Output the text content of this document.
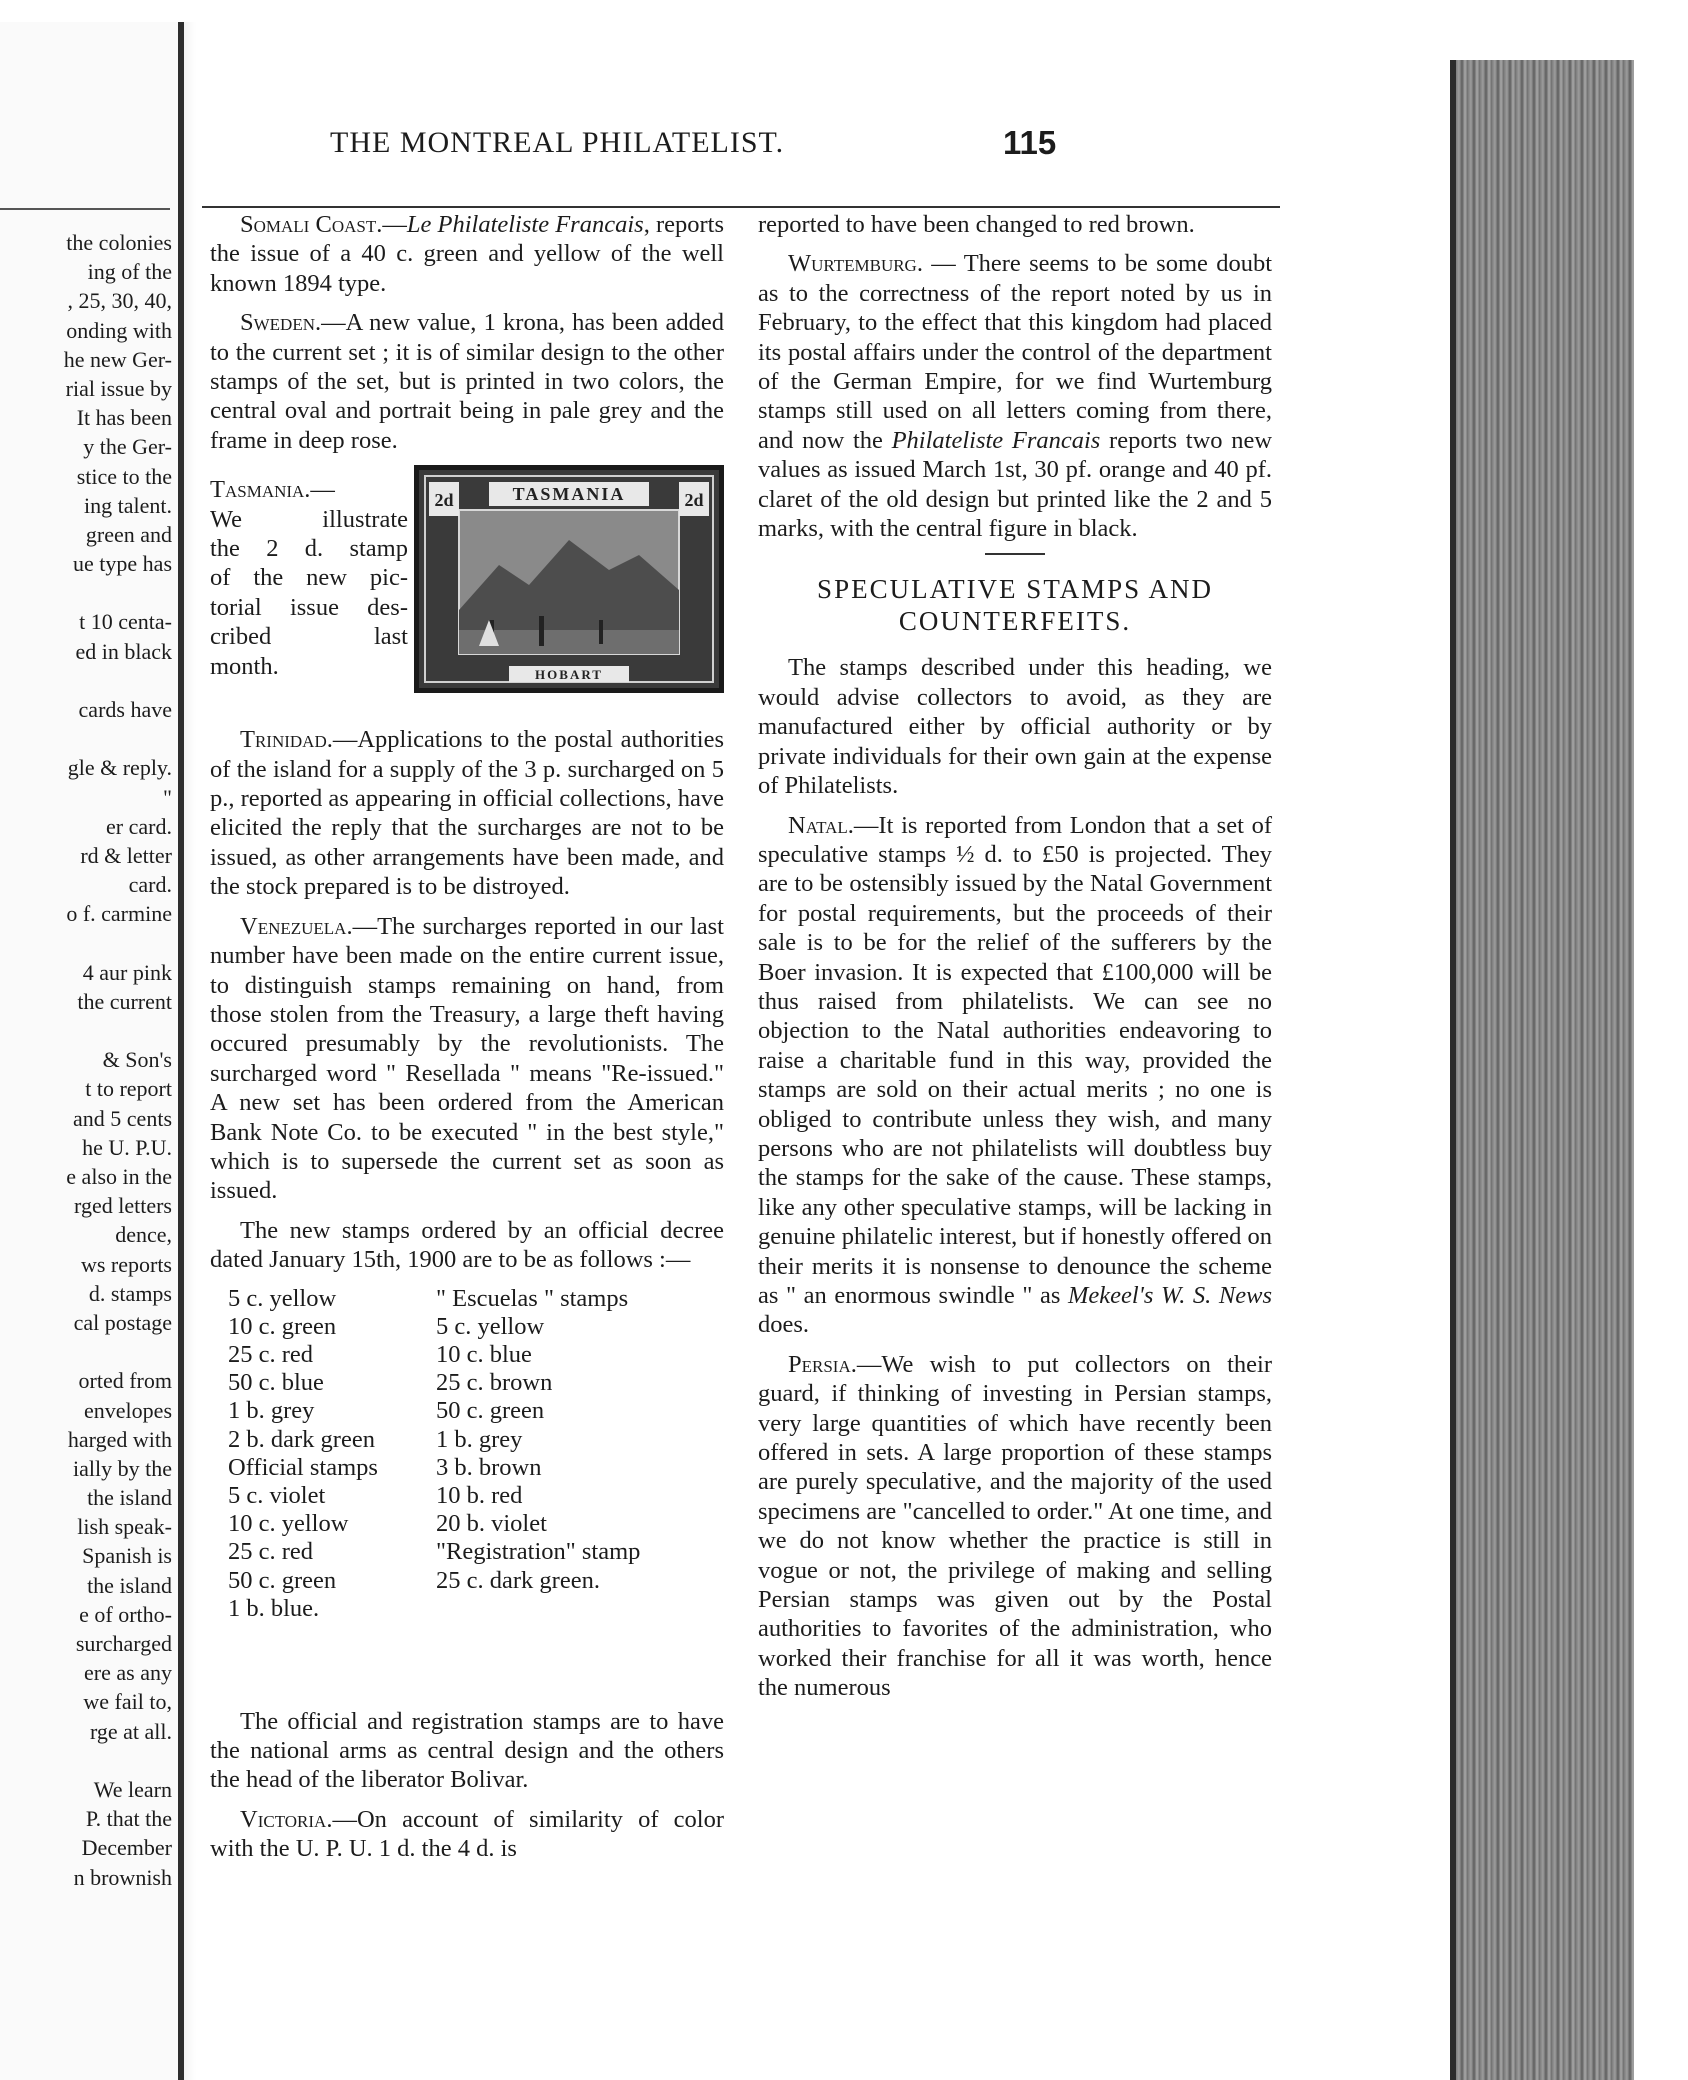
the colonies
ing of the
, 25, 30, 40,
onding with
he new Ger-
rial issue by
It has been
y the Ger-
stice to the
ing talent.
green and
ue type has
t 10 centa-
ed in black
cards have
gle & reply.
"
er card.
rd & letter
card.
o f. carmine
4 aur pink
the current
& Son's
t to report
and 5 cents
he U. P.U.
e also in the
rged letters
dence,
ws reports
d. stamps
cal postage
orted from
envelopes
harged with
ially by the
the island
lish speak-
Spanish is
the island
e of ortho-
surcharged
ere as any
we fail to,
rge at all.
We learn
P. that the
December
n brownish
THE MONTREAL PHILATELIST.	115

Somali Coast.—Le Philateliste Francais, reports the issue of a 40 c. green and yellow of the well known 1894 type.

Sweden.—A new value, 1 krona, has been added to the current set ; it is of similar design to the other stamps of the set, but is printed in two colors, the central oval and portrait being in pale grey and the frame in deep rose.

Tasmania.—
We illustrate
the 2 d. stamp
of the new pic-
torial issue des-
cribed last
month.
TASMANIA
2d	2d
HOBART

Trinidad.—Applications to the postal authorities of the island for a supply of the 3 p. surcharged on 5 p., reported as appearing in official collections, have elicited the reply that the surcharges are not to be issued, as other arrangements have been made, and the stock prepared is to be distroyed.

Venezuela.—The surcharges reported in our last number have been made on the entire current issue, to distinguish stamps remaining on hand, from those stolen from the Treasury, a large theft having occured presumably by the revolutionists. The surcharged word " Resellada " means "Re-issued." A new set has been ordered from the American Bank Note Co. to be executed " in the best style," which is to supersede the current set as soon as issued.

The new stamps ordered by an official decree dated January 15th, 1900 are to be as follows :—

5 c. yellow
10 c. green
25 c. red
50 c. blue
1 b. grey
2 b. dark green
Official stamps
5 c. violet
10 c. yellow
25 c. red
50 c. green
1 b. blue.
" Escuelas " stamps
5 c. yellow
10 c. blue
25 c. brown
50 c. green
1 b. grey
3 b. brown
10 b. red
20 b. violet
"Registration" stamp
25 c. dark green.

The official and registration stamps are to have the national arms as central design and the others the head of the liberator Bolivar.

Victoria.—On account of similarity of color with the U. P. U. 1 d. the 4 d. is

reported to have been changed to red brown.

Wurtemburg. — There seems to be some doubt as to the correctness of the report noted by us in February, to the effect that this kingdom had placed its postal affairs under the control of the department of the German Empire, for we find Wurtemburg stamps still used on all letters coming from there, and now the Philateliste Francais reports two new values as issued March 1st, 30 pf. orange and 40 pf. claret of the old design but printed like the 2 and 5 marks, with the central figure in black.

SPECULATIVE STAMPS AND
COUNTERFEITS.

The stamps described under this heading, we would advise collectors to avoid, as they are manufactured either by official authority or by private individuals for their own gain at the expense of Philatelists.

Natal.—It is reported from London that a set of speculative stamps ½ d. to £50 is projected. They are to be ostensibly issued by the Natal Government for postal requirements, but the proceeds of their sale is to be for the relief of the sufferers by the Boer invasion. It is expected that £100,000 will be thus raised from philatelists. We can see no objection to the Natal authorities endeavoring to raise a charitable fund in this way, provided the stamps are sold on their actual merits ; no one is obliged to contribute unless they wish, and many persons who are not philatelists will doubtless buy the stamps for the sake of the cause. These stamps, like any other speculative stamps, will be lacking in genuine philatelic interest, but if honestly offered on their merits it is nonsense to denounce the scheme as " an enormous swindle " as Mekeel's W. S. News does.

Persia.—We wish to put collectors on their guard, if thinking of investing in Persian stamps, very large quantities of which have recently been offered in sets. A large proportion of these stamps are purely speculative, and the majority of the used specimens are "cancelled to order." At one time, and we do not know whether the practice is still in vogue or not, the privilege of making and selling Persian stamps was given out by the Postal authorities to favorites of the administration, who worked their franchise for all it was worth, hence the numerous
